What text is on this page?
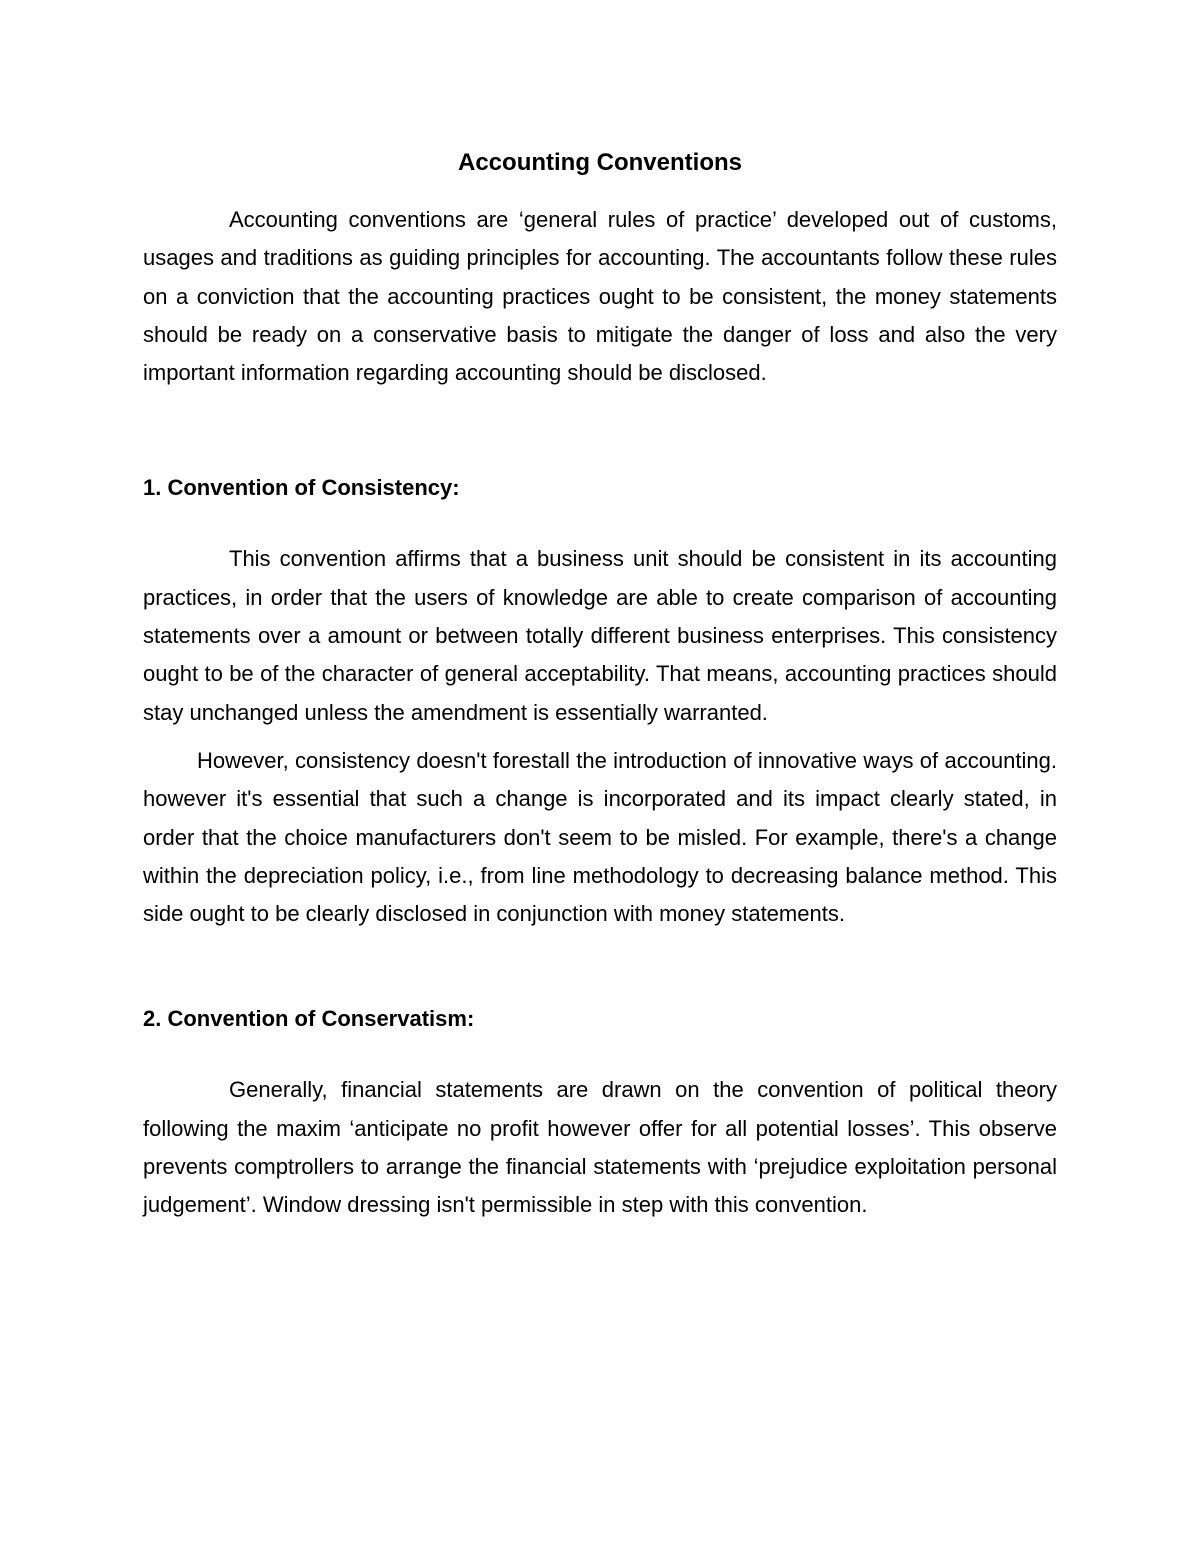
Accounting Conventions

Accounting conventions are ‘general rules of practice’ developed out of customs, usages and traditions as guiding principles for accounting. The accountants follow these rules on a conviction that the accounting practices ought to be consistent, the money statements should be ready on a conservative basis to mitigate the danger of loss and also the very important information regarding accounting should be disclosed.

1. Convention of Consistency:

This convention affirms that a business unit should be consistent in its accounting practices, in order that the users of knowledge are able to create comparison of accounting statements over a amount or between totally different business enterprises. This consistency ought to be of the character of general acceptability. That means, accounting practices should stay unchanged unless the amendment is essentially warranted.

However, consistency doesn't forestall the introduction of innovative ways of accounting. however it's essential that such a change is incorporated and its impact clearly stated, in order that the choice manufacturers don't seem to be misled. For example, there's a change within the depreciation policy, i.e., from line methodology to decreasing balance method. This side ought to be clearly disclosed in conjunction with money statements.

2. Convention of Conservatism:

Generally, financial statements are drawn on the convention of political theory following the maxim ‘anticipate no profit however offer for all potential losses’. This observe prevents comptrollers to arrange the financial statements with ‘prejudice exploitation personal judgement’. Window dressing isn't permissible in step with this convention.
